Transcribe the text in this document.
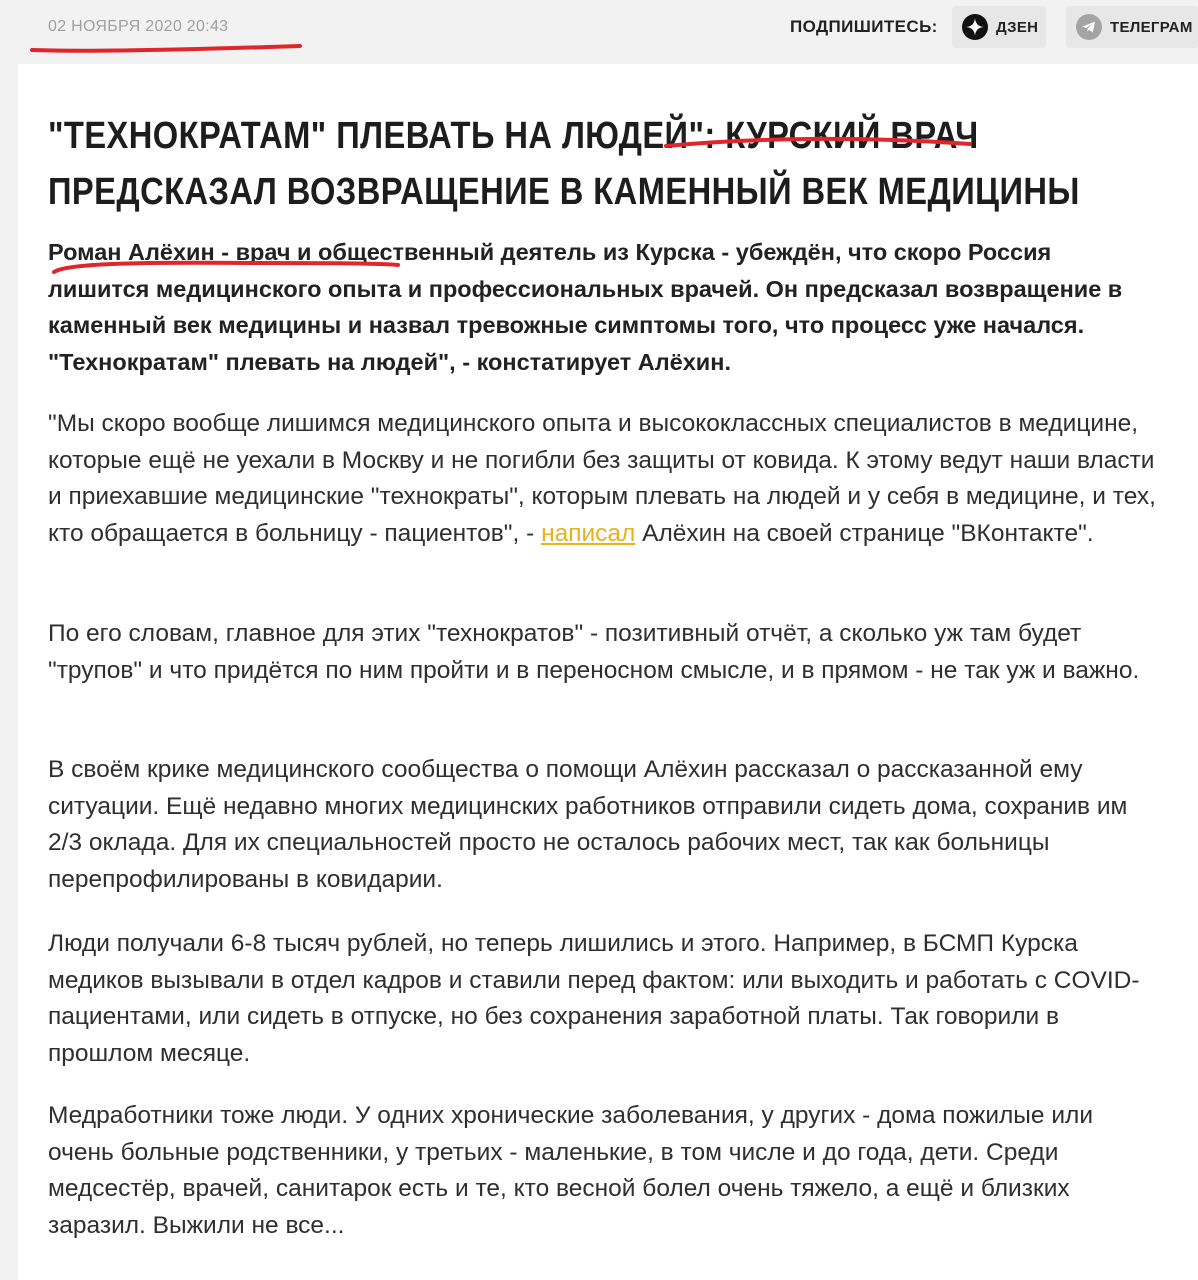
02 НОЯБРЯ 2020 20:43	ПОДПИШИТЕСЬ:	ДЗЕН	ТЕЛЕГРАМ
"ТЕХНОКРАТАМ" ПЛЕВАТЬ НА ЛЮДЕЙ": КУРСКИЙ ВРАЧ
ПРЕДСКАЗАЛ ВОЗВРАЩЕНИЕ В КАМЕННЫЙ ВЕК МЕДИЦИНЫ

Роман Алёхин - врач и общественный деятель из Курска - убеждён, что скоро Россия лишится медицинского опыта и профессиональных врачей. Он предсказал возвращение в каменный век медицины и назвал тревожные симптомы того, что процесс уже начался. "Технократам" плевать на людей", - констатирует Алёхин.

"Мы скоро вообще лишимся медицинского опыта и высококлассных специалистов в медицине, которые ещё не уехали в Москву и не погибли без защиты от ковида. К этому ведут наши власти и приехавшие медицинские "технократы", которым плевать на людей и у себя в медицине, и тех, кто обращается в больницу - пациентов", - написал Алёхин на своей странице "ВКонтакте".

По его словам, главное для этих "технократов" - позитивный отчёт, а сколько уж там будет "трупов" и что придётся по ним пройти и в переносном смысле, и в прямом - не так уж и важно.

В своём крике медицинского сообщества о помощи Алёхин рассказал о рассказанной ему ситуации. Ещё недавно многих медицинских работников отправили сидеть дома, сохранив им 2/3 оклада. Для их специальностей просто не осталось рабочих мест, так как больницы перепрофилированы в ковидарии.

Люди получали 6-8 тысяч рублей, но теперь лишились и этого. Например, в БСМП Курска медиков вызывали в отдел кадров и ставили перед фактом: или выходить и работать с COVID-пациентами, или сидеть в отпуске, но без сохранения заработной платы. Так говорили в прошлом месяце.

Медработники тоже люди. У одних хронические заболевания, у других - дома пожилые или очень больные родственники, у третьих - маленькие, в том числе и до года, дети. Среди медсестёр, врачей, санитарок есть и те, кто весной болел очень тяжело, а ещё и близких заразил. Выжили не все...
